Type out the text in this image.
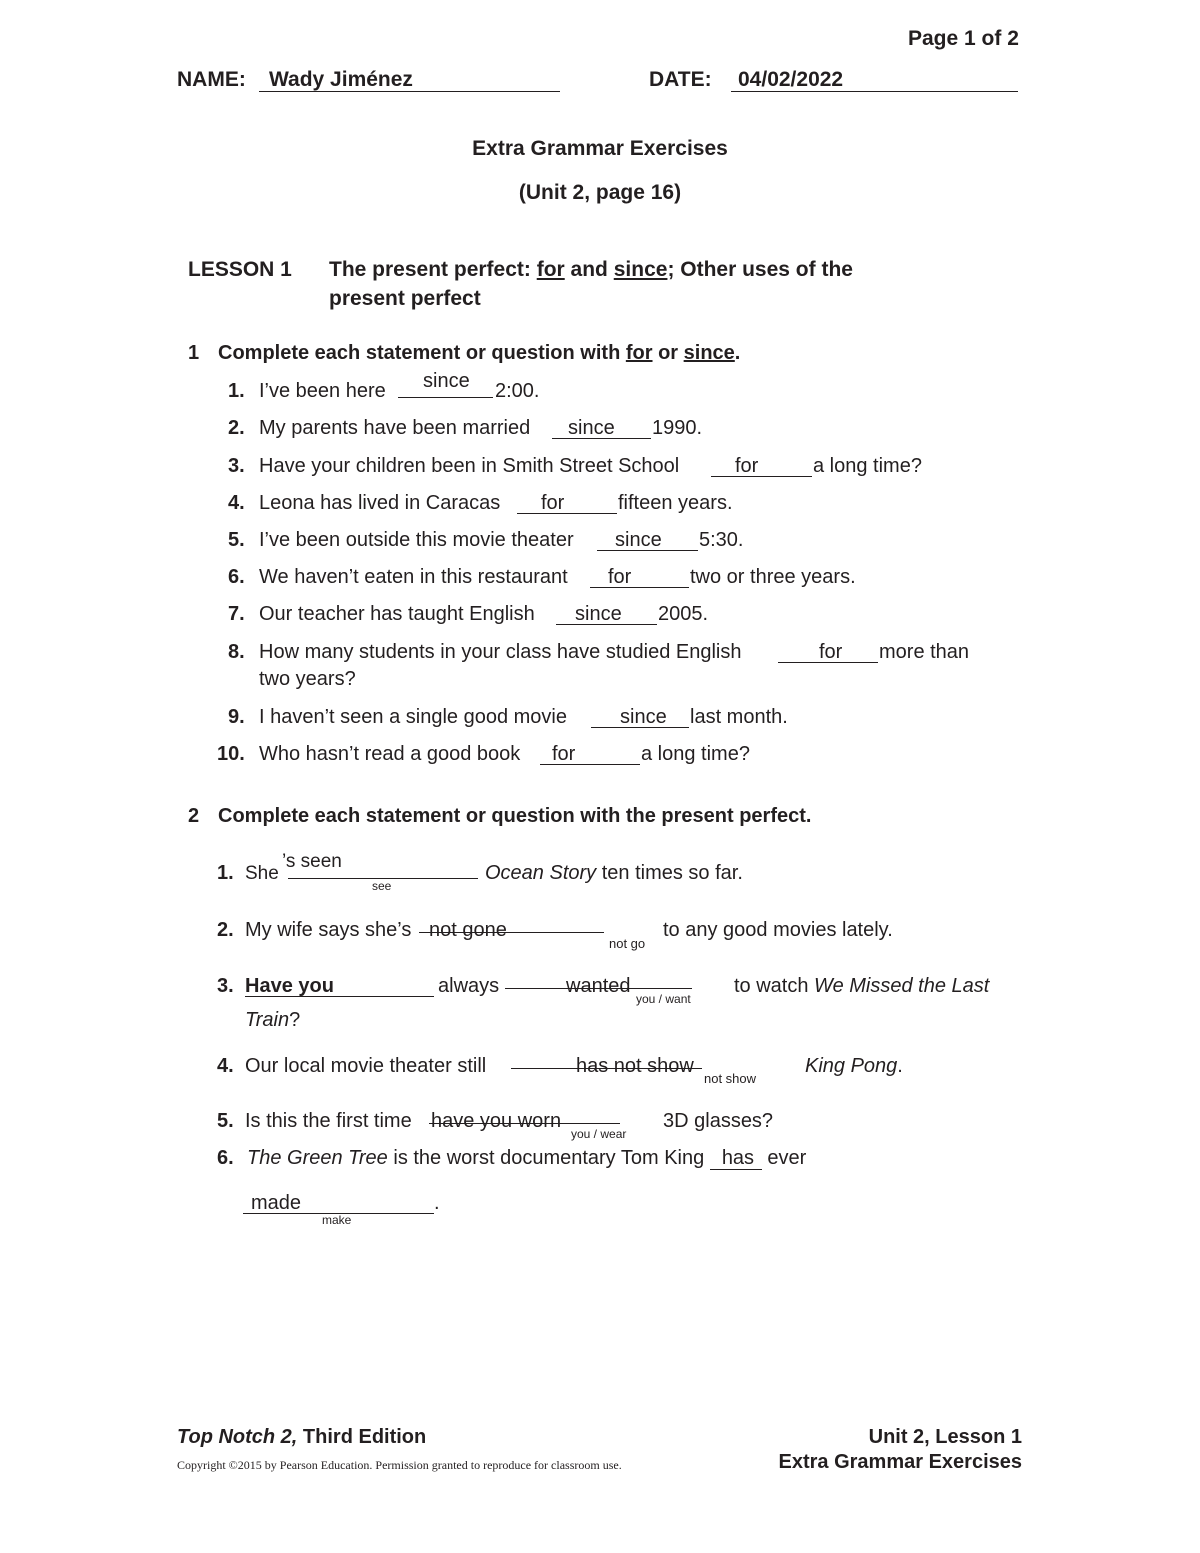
Page 1 of 2
NAME: Wady Jiménez	DATE: 04/02/2022
Extra Grammar Exercises
(Unit 2, page 16)
LESSON 1 The present perfect: for and since; Other uses of the
present perfect
1 Complete each statement or question with for or since.
1. I’ve been here since 2:00.
2. My parents have been married since 1990.
3. Have your children been in Smith Street School	for	a long time?
4. Leona has lived in Caracas for	fifteen years.
5. I’ve been outside this movie theater since 5:30.
6. We haven’t eaten in this restaurant for	two or three years.
7. Our teacher has taught English since 2005.
8. How many students in your class have studied English	for more than
two years?
9. I haven’t seen a single good movie	since last month.
10. Who hasn’t read a good book for	a long time?
2 Complete each statement or question with the present perfect.
1. She
’s seen
see
Ocean Story ten times so far.
2. My wife says she’s not gone
not go
to any good movies lately.
3. Have you	always	wanted
you / want
to watch We Missed the Last
Train?
4. Our local movie theater still	has not show
not show
King Pong.
5. Is this the first time have you worn
you / wear
3D glasses?
6. The Green Tree is the worst documentary Tom King has ever
made	.
make
Top Notch 2, Third Edition	Unit 2, Lesson 1
Copyright ©2015 by Pearson Education. Permission granted to reproduce for classroom use.	Extra Grammar Exercises
